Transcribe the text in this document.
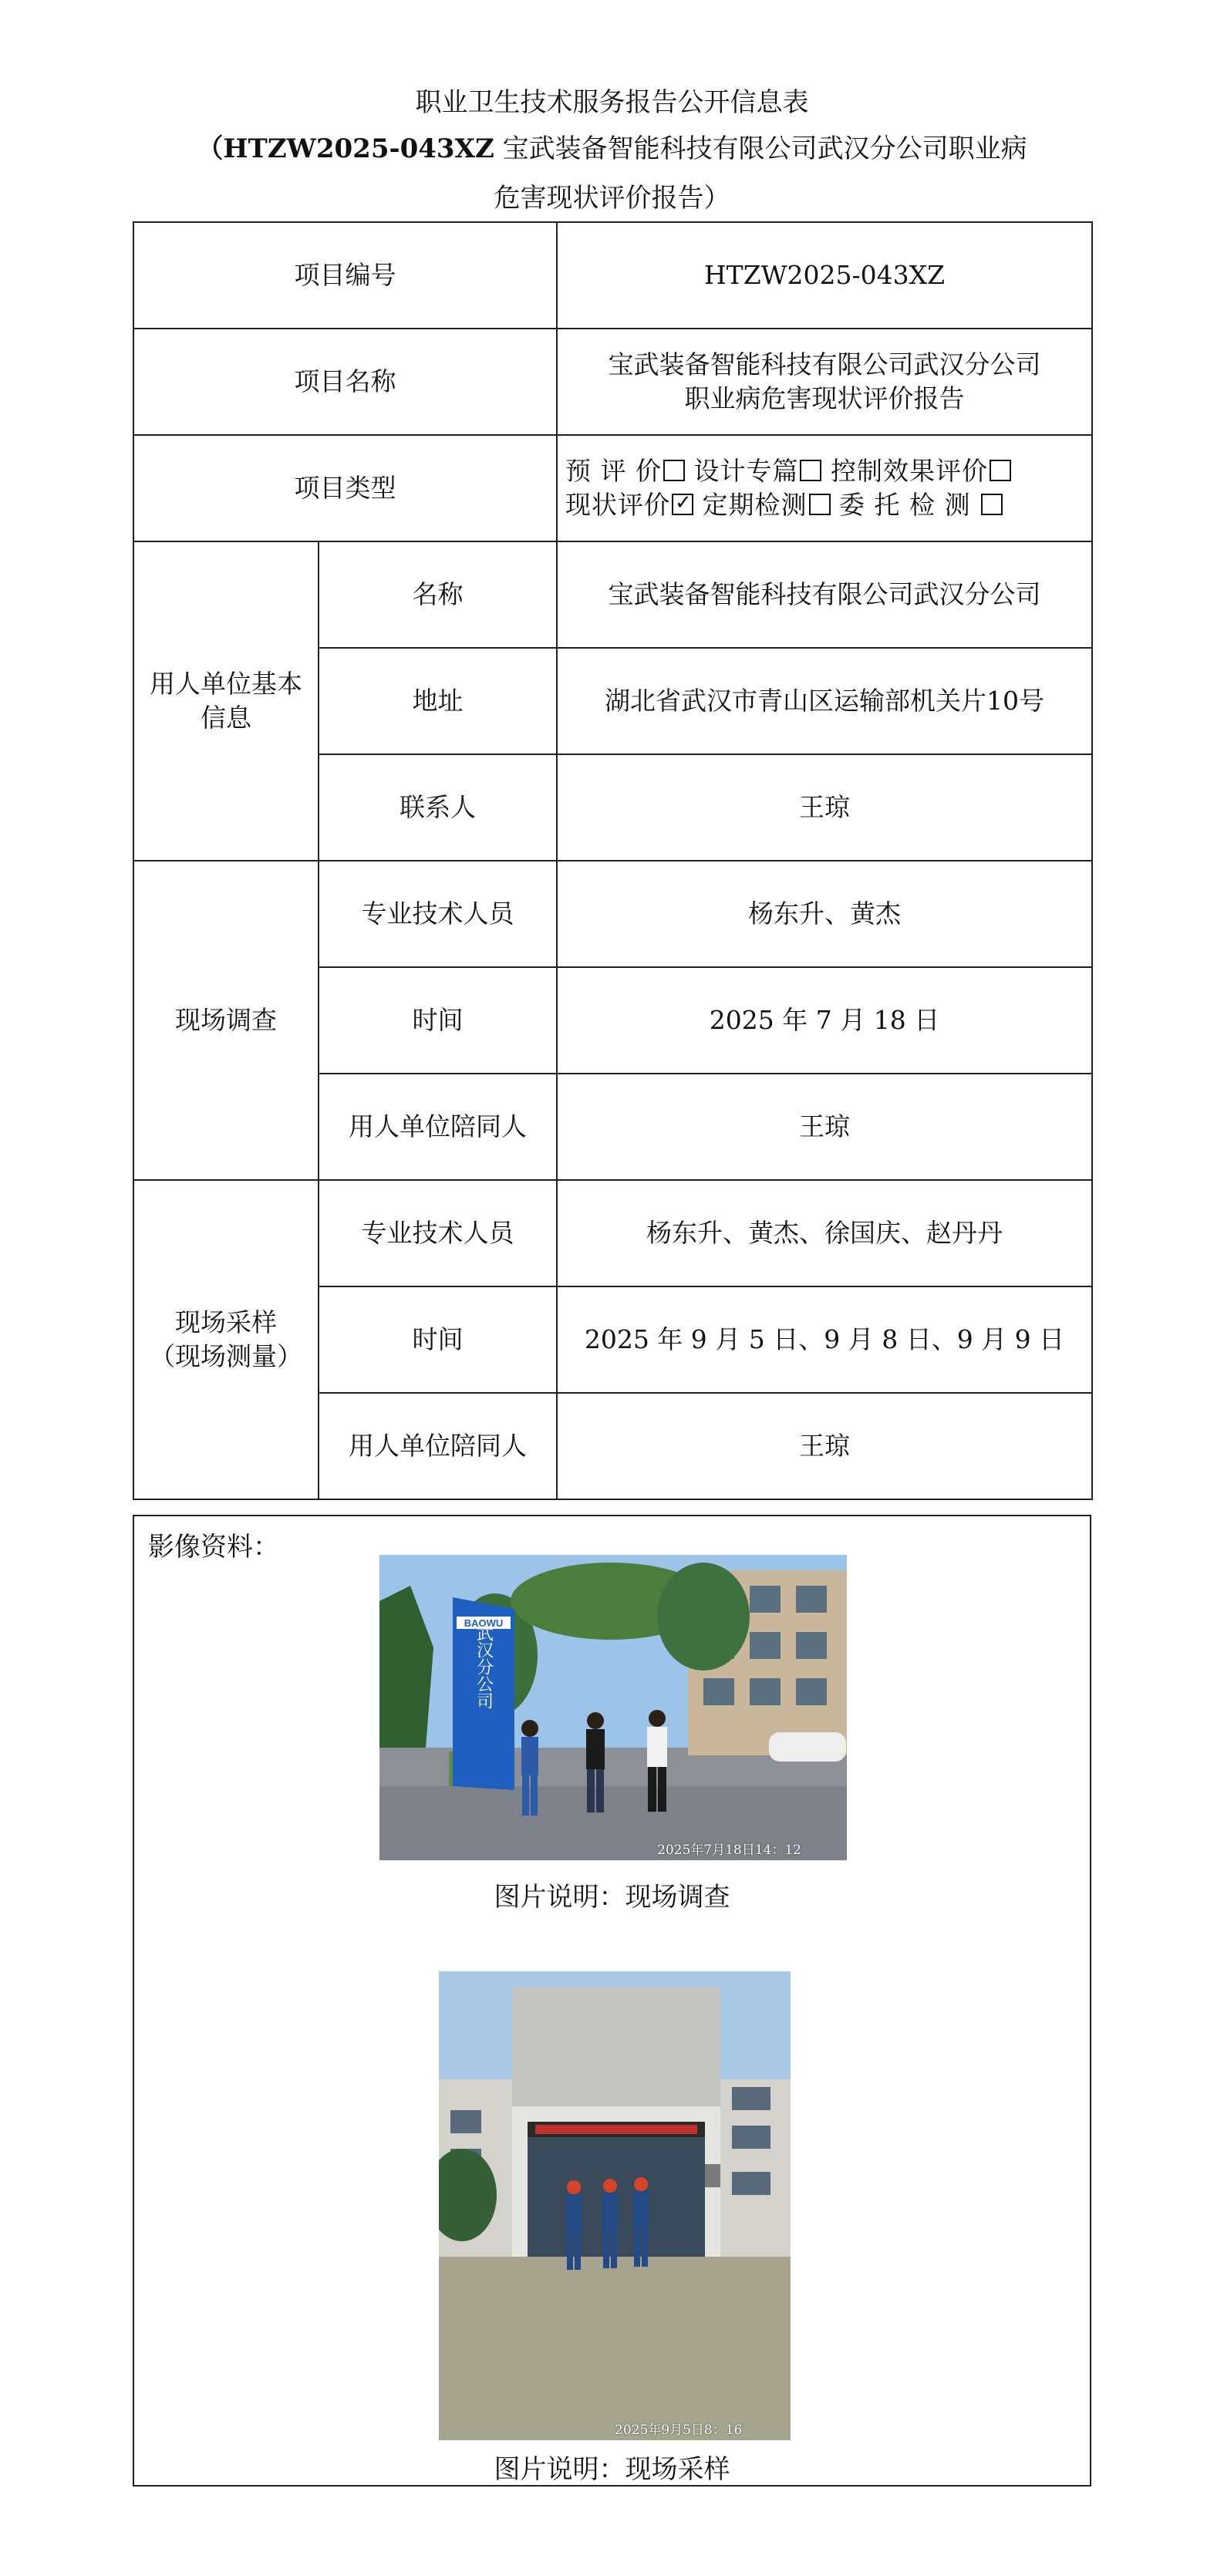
职业卫生技术服务报告公开信息表
（HTZW2025-043XZ 宝武装备智能科技有限公司武汉分公司职业病
危害现状评价报告）
项目编号		HTZW2025-043XZ
项目名称		宝武装备智能科技有限公司武汉分公司
职业病危害现状评价报告

项目类型		预 评 价 设计专篇 控制效果评价
现状评价 ✓ 定期检测 委 托 检 测

用人单位基本信息	名称	宝武装备智能科技有限公司武汉分公司
	地址	湖北省武汉市青山区运输部机关片10号
	联系人	王琼
现场调查	专业技术人员	杨东升、黄杰
	时间	2025 年 7 月 18 日
	用人单位陪同人	王琼

现场采样
（现场测量）	专业技术人员	杨东升、黄杰、徐国庆、赵丹丹
	时间	2025 年 9 月 5 日、9 月 8 日、9 月 9 日
	用人单位陪同人	王琼
影像资料：
BAOWU
武汉分公司
2025年7月18日14：12
图片说明：现场调查
2025年9月5日8：16
图片说明：现场采样
